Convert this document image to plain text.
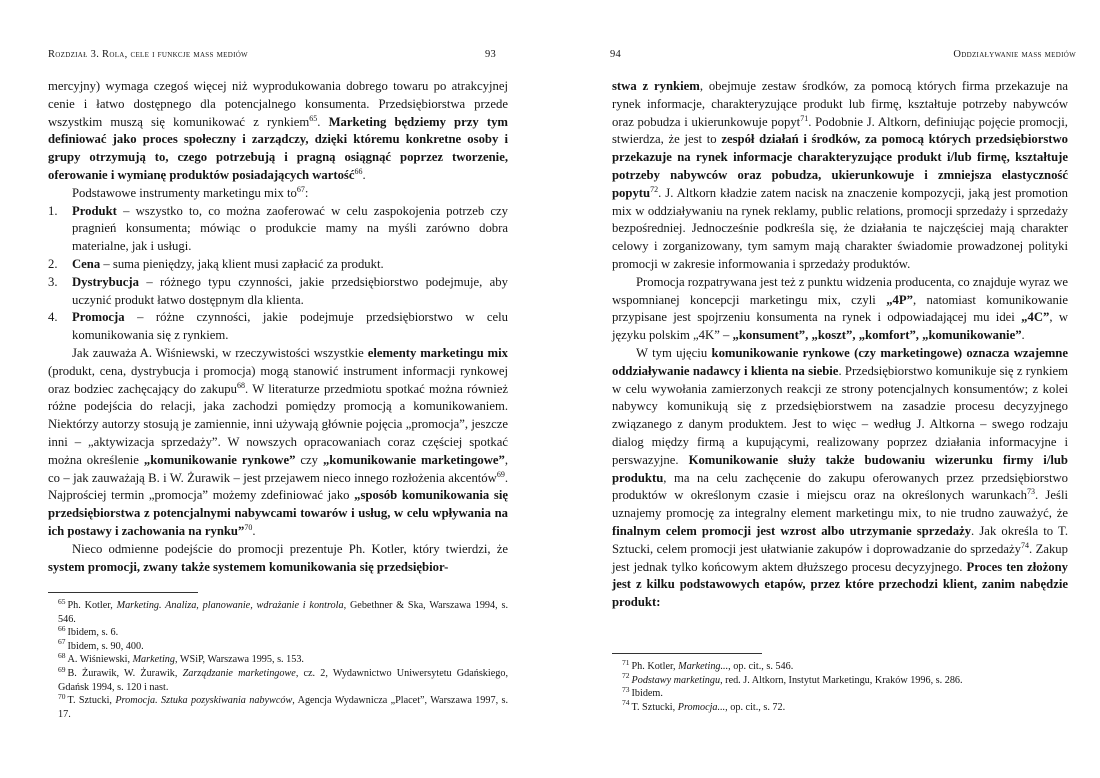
Rozdział 3. Rola, cele i funkcje mass mediów	93

mercyjny) wymaga czegoś więcej niż wyprodukowania dobrego towaru po atrakcyjnej cenie i łatwo dostępnego dla potencjalnego konsumenta. Przedsiębiorstwa przede wszystkim muszą się komunikować z rynkiem$^{65}$. Marketing będziemy przy tym definiować jako proces społeczny i zarządczy, dzięki któremu konkretne osoby i grupy otrzymują to, czego potrzebują i pragną osiągnąć poprzez tworzenie, oferowanie i wymianę produktów posiadających wartość$^{66}$.

Podstawowe instrumenty marketingu mix $to^{67}$:

1. Produkt – wszystko to, co można zaoferować w celu zaspokojenia potrzeb czy pragnień konsumenta; mówiąc o produkcie mamy na myśli zarówno dobra materialne, jak i usługi.
2. Cena – suma pieniędzy, jaką klient musi zapłacić za produkt.
3. Dystrybucja – różnego typu czynności, jakie przedsiębiorstwo podejmuje, aby uczynić produkt łatwo dostępnym dla klienta.
4. Promocja – różne czynności, jakie podejmuje przedsiębiorstwo w celu komunikowania się z rynkiem.

Jak zauważa A. Wiśniewski, w rzeczywistości wszystkie elementy marketingu mix (produkt, cena, dystrybucja i promocja) mogą stanowić instrument informacji rynkowej oraz bodziec zachęcający do zakupu$^{68}$. W literaturze przedmiotu spotkać można również różne podejścia do relacji, jaka zachodzi pomiędzy promocją a komunikowaniem. Niektórzy autorzy stosują je zamiennie, inni używają głównie pojęcia „promocja”, jeszcze inni – „aktywizacja sprzedaży”. W nowszych opracowaniach coraz częściej spotkać można określenie „komunikowanie rynkowe” czy „komunikowanie marketingowe”, co – jak zauważają B. i W. Żurawik – jest przejawem nieco innego rozłożenia akcentów$^{69}$. Najprościej termin „promocja” możemy zdefiniować jako „sposób komunikowania się przedsiębiorstwa z potencjalnymi nabywcami towarów i usług, w celu wpływania na ich postawy i zachowania na rynku”$^{70}$.

Nieco odmienne podejście do promocji prezentuje Ph. Kotler, który twierdzi, że system promocji, zwany także systemem komunikowania się przedsiębior-

$^{65}$ Ph. Kotler, Marketing. Analiza, planowanie, wdrażanie i kontrola, Gebethner & Ska, Warszawa 1994, s. 546.
$^{66}$ Ibidem, s. 6.
$^{67}$ Ibidem, s. 90, 400.
$^{68}$ A. Wiśniewski, Marketing, WSiP, Warszawa 1995, s. 153.
$^{69}$ B. Żurawik, W. Żurawik, Zarządzanie marketingowe, cz. 2, Wydawnictwo Uniwersytetu Gdańskiego, Gdańsk 1994, s. 120 i nast.
$^{70}$ T. Sztucki, Promocja. Sztuka pozyskiwania nabywców, Agencja Wydawnicza „Placet”, Warszawa 1997, s. 17.
94	Oddziaływanie mass mediów

stwa z rynkiem, obejmuje zestaw środków, za pomocą których firma przekazuje na rynek informacje, charakteryzujące produkt lub firmę, kształtuje potrzeby nabywców oraz pobudza i ukierunkowuje popyt$^{71}$. Podobnie J. Altkorn, definiując pojęcie promocji, stwierdza, że jest to zespół działań i środków, za pomocą których przedsiębiorstwo przekazuje na rynek informacje charakteryzujące produkt i/lub firmę, kształtuje potrzeby nabywców oraz pobudza, ukierunkowuje i zmniejsza elastyczność popytu$^{72}$. J. Altkorn kładzie zatem nacisk na znaczenie kompozycji, jaką jest promotion mix w oddziaływaniu na rynek reklamy, public relations, promocji sprzedaży i sprzedaży bezpośredniej. Jednocześnie podkreśla się, że działania te najczęściej mają charakter celowy i zorganizowany, tym samym mają charakter świadomie prowadzonej polityki promocji w zakresie informowania i sprzedaży produktów.

Promocja rozpatrywana jest też z punktu widzenia producenta, co znajduje wyraz we wspomnianej koncepcji marketingu mix, czyli „4P”, natomiast komunikowanie przypisane jest spojrzeniu konsumenta na rynek i odpowiadającej mu idei „4C”, w języku polskim „4K” – „konsument”, „koszt”, „komfort”, „komunikowanie”.

W tym ujęciu komunikowanie rynkowe (czy marketingowe) oznacza wzajemne oddziaływanie nadawcy i klienta na siebie. Przedsiębiorstwo komunikuje się z rynkiem w celu wywołania zamierzonych reakcji ze strony potencjalnych konsumentów; z kolei nabywcy komunikują się z przedsiębiorstwem na zasadzie procesu decyzyjnego związanego z danym produktem. Jest to więc – według J. Altkorna – swego rodzaju dialog między firmą a kupującymi, realizowany poprzez działania informacyjne i perswazyjne. Komunikowanie służy także budowaniu wizerunku firmy i/lub produktu, ma na celu zachęcenie do zakupu oferowanych przez przedsiębiorstwo produktów w określonym czasie i miejscu oraz na określonych warunkach$^{73}$. Jeśli uznajemy promocję za integralny element marketingu mix, to nie trudno zauważyć, że finalnym celem promocji jest wzrost albo utrzymanie sprzedaży. Jak określa to T. Sztucki, celem promocji jest ułatwianie zakupów i doprowadzanie do sprzedaży$^{74}$. Zakup jest jednak tylko końcowym aktem dłuższego procesu decyzyjnego. Proces ten złożony jest z kilku podstawowych etapów, przez które przechodzi klient, zanim nabędzie produkt:

$^{71}$ Ph. Kotler, Marketing..., op. cit., s. 546.
$^{72}$ Podstawy marketingu, red. J. Altkorn, Instytut Marketingu, Kraków 1996, s. 286.
$^{73}$ Ibidem.
$^{74}$ T. Sztucki, Promocja..., op. cit., s. 72.
